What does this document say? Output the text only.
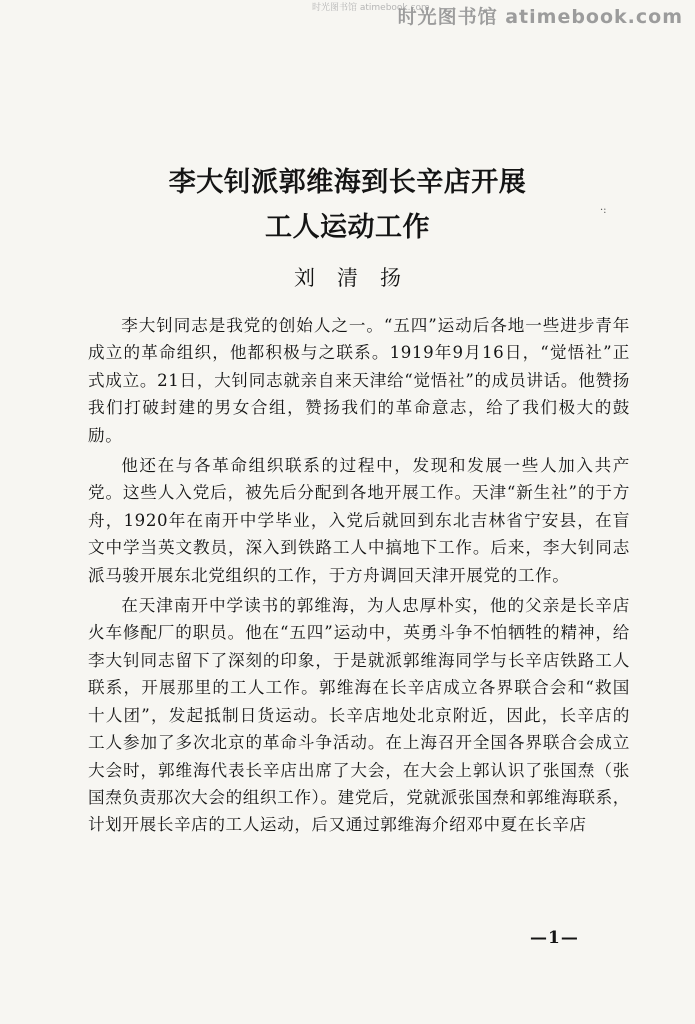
时光图书馆 atimebook.com
时光图书馆 atimebook.com
李大钊派郭维海到长辛店开展
工人运动工作
·:
刘清扬

李大钊同志是我党的创始人之一。“五四”运动后各地一些进步青年成立的革命组织，他都积极与之联系。1919年9月16日，“觉悟社”正式成立。21日，大钊同志就亲自来天津给“觉悟社”的成员讲话。他赞扬我们打破封建的男女合组，赞扬我们的革命意志，给了我们极大的鼓励。

他还在与各革命组织联系的过程中，发现和发展一些人加入共产党。这些人入党后，被先后分配到各地开展工作。天津“新生社”的于方舟，1920年在南开中学毕业，入党后就回到东北吉林省宁安县，在盲文中学当英文教员，深入到铁路工人中搞地下工作。后来，李大钊同志派马骏开展东北党组织的工作，于方舟调回天津开展党的工作。

在天津南开中学读书的郭维海，为人忠厚朴实，他的父亲是长辛店火车修配厂的职员。他在“五四”运动中，英勇斗争不怕牺牲的精神，给李大钊同志留下了深刻的印象，于是就派郭维海同学与长辛店铁路工人联系，开展那里的工人工作。郭维海在长辛店成立各界联合会和“救国十人团”，发起抵制日货运动。长辛店地处北京附近，因此，长辛店的工人参加了多次北京的革命斗争活动。在上海召开全国各界联合会成立大会时，郭维海代表长辛店出席了大会，在大会上郭认识了张国焘（张国焘负责那次大会的组织工作）。建党后，党就派张国焘和郭维海联系，计划开展长辛店的工人运动，后又通过郭维海介绍邓中夏在长辛店

—1—
